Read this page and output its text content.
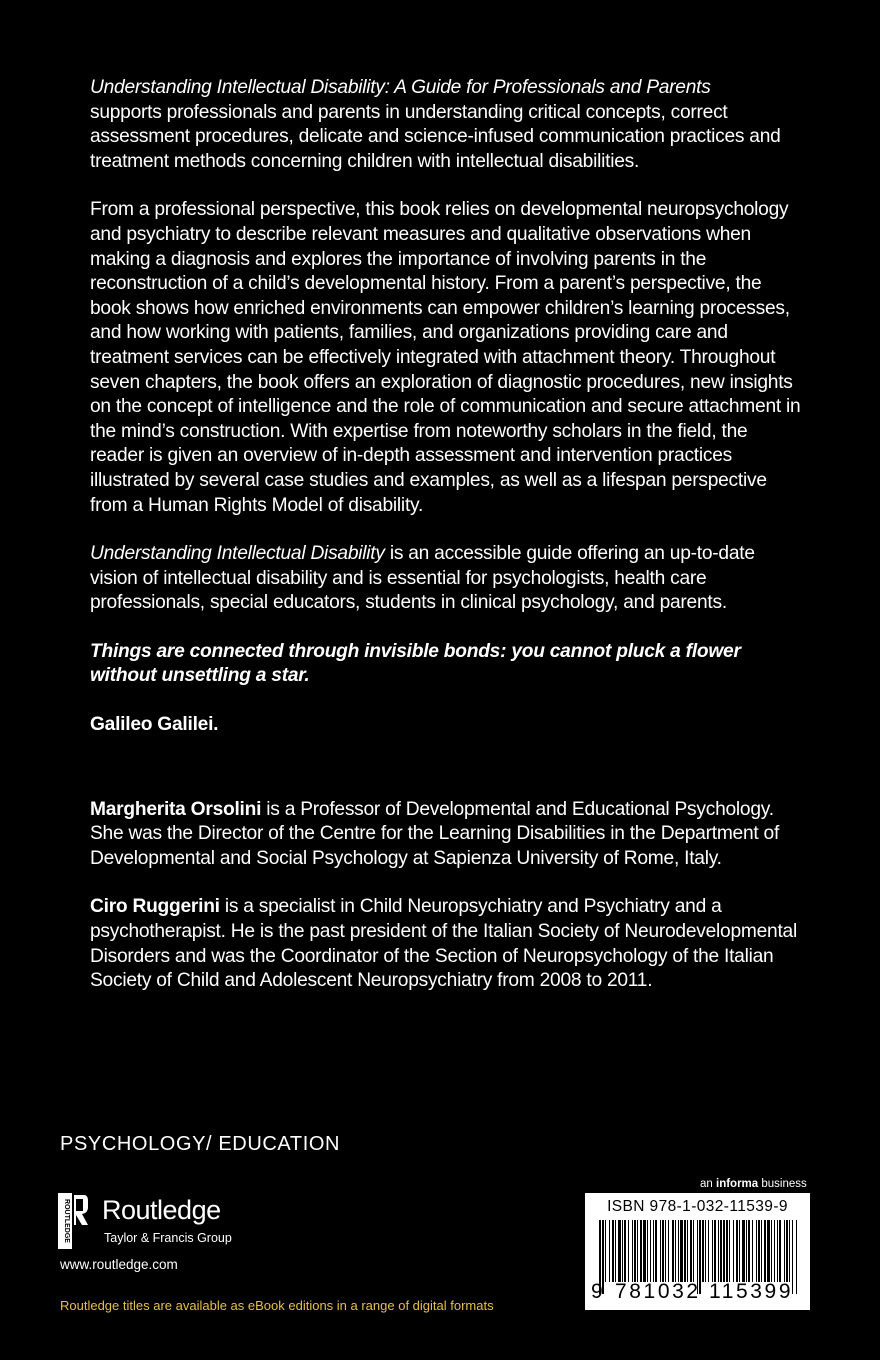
Understanding Intellectual Disability: A Guide for Professionals and Parents
supports professionals and parents in understanding critical concepts, correct assessment procedures, delicate and science-infused communication practices and treatment methods concerning children with intellectual disabilities.

From a professional perspective, this book relies on developmental neuropsychology and psychiatry to describe relevant measures and qualitative observations when making a diagnosis and explores the importance of involving parents in the reconstruction of a child’s developmental history. From a parent’s perspective, the book shows how enriched environments can empower children’s learning processes, and how working with patients, families, and organizations providing care and treatment services can be effectively integrated with attachment theory. Throughout seven chapters, the book offers an exploration of diagnostic procedures, new insights on the concept of intelligence and the role of communication and secure attachment in the mind’s construction. With expertise from noteworthy scholars in the field, the reader is given an overview of in-depth assessment and intervention practices illustrated by several case studies and examples, as well as a lifespan perspective from a Human Rights Model of disability.

Understanding Intellectual Disability is an accessible guide offering an up-to-date vision of intellectual disability and is essential for psychologists, health care professionals, special educators, students in clinical psychology, and parents.

Things are connected through invisible bonds: you cannot pluck a flower without unsettling a star.

Galileo Galilei.

Margherita Orsolini is a Professor of Developmental and Educational Psychology. She was the Director of the Centre for the Learning Disabilities in the Department of Developmental and Social Psychology at Sapienza University of Rome, Italy.

Ciro Ruggerini is a specialist in Child Neuropsychiatry and Psychiatry and a psychotherapist. He is the past president of the Italian Society of Neurodevelopmental Disorders and was the Coordinator of the Section of Neuropsychology of the Italian Society of Child and Adolescent Neuropsychiatry from 2008 to 2011.

PSYCHOLOGY/ EDUCATION
an informa business
ROUTLEDGE Routledge
Taylor & Francis Group
www.routledge.com
Routledge titles are available as eBook editions in a range of digital formats
ISBN 978-1-032-11539-9
9 781032 115399
